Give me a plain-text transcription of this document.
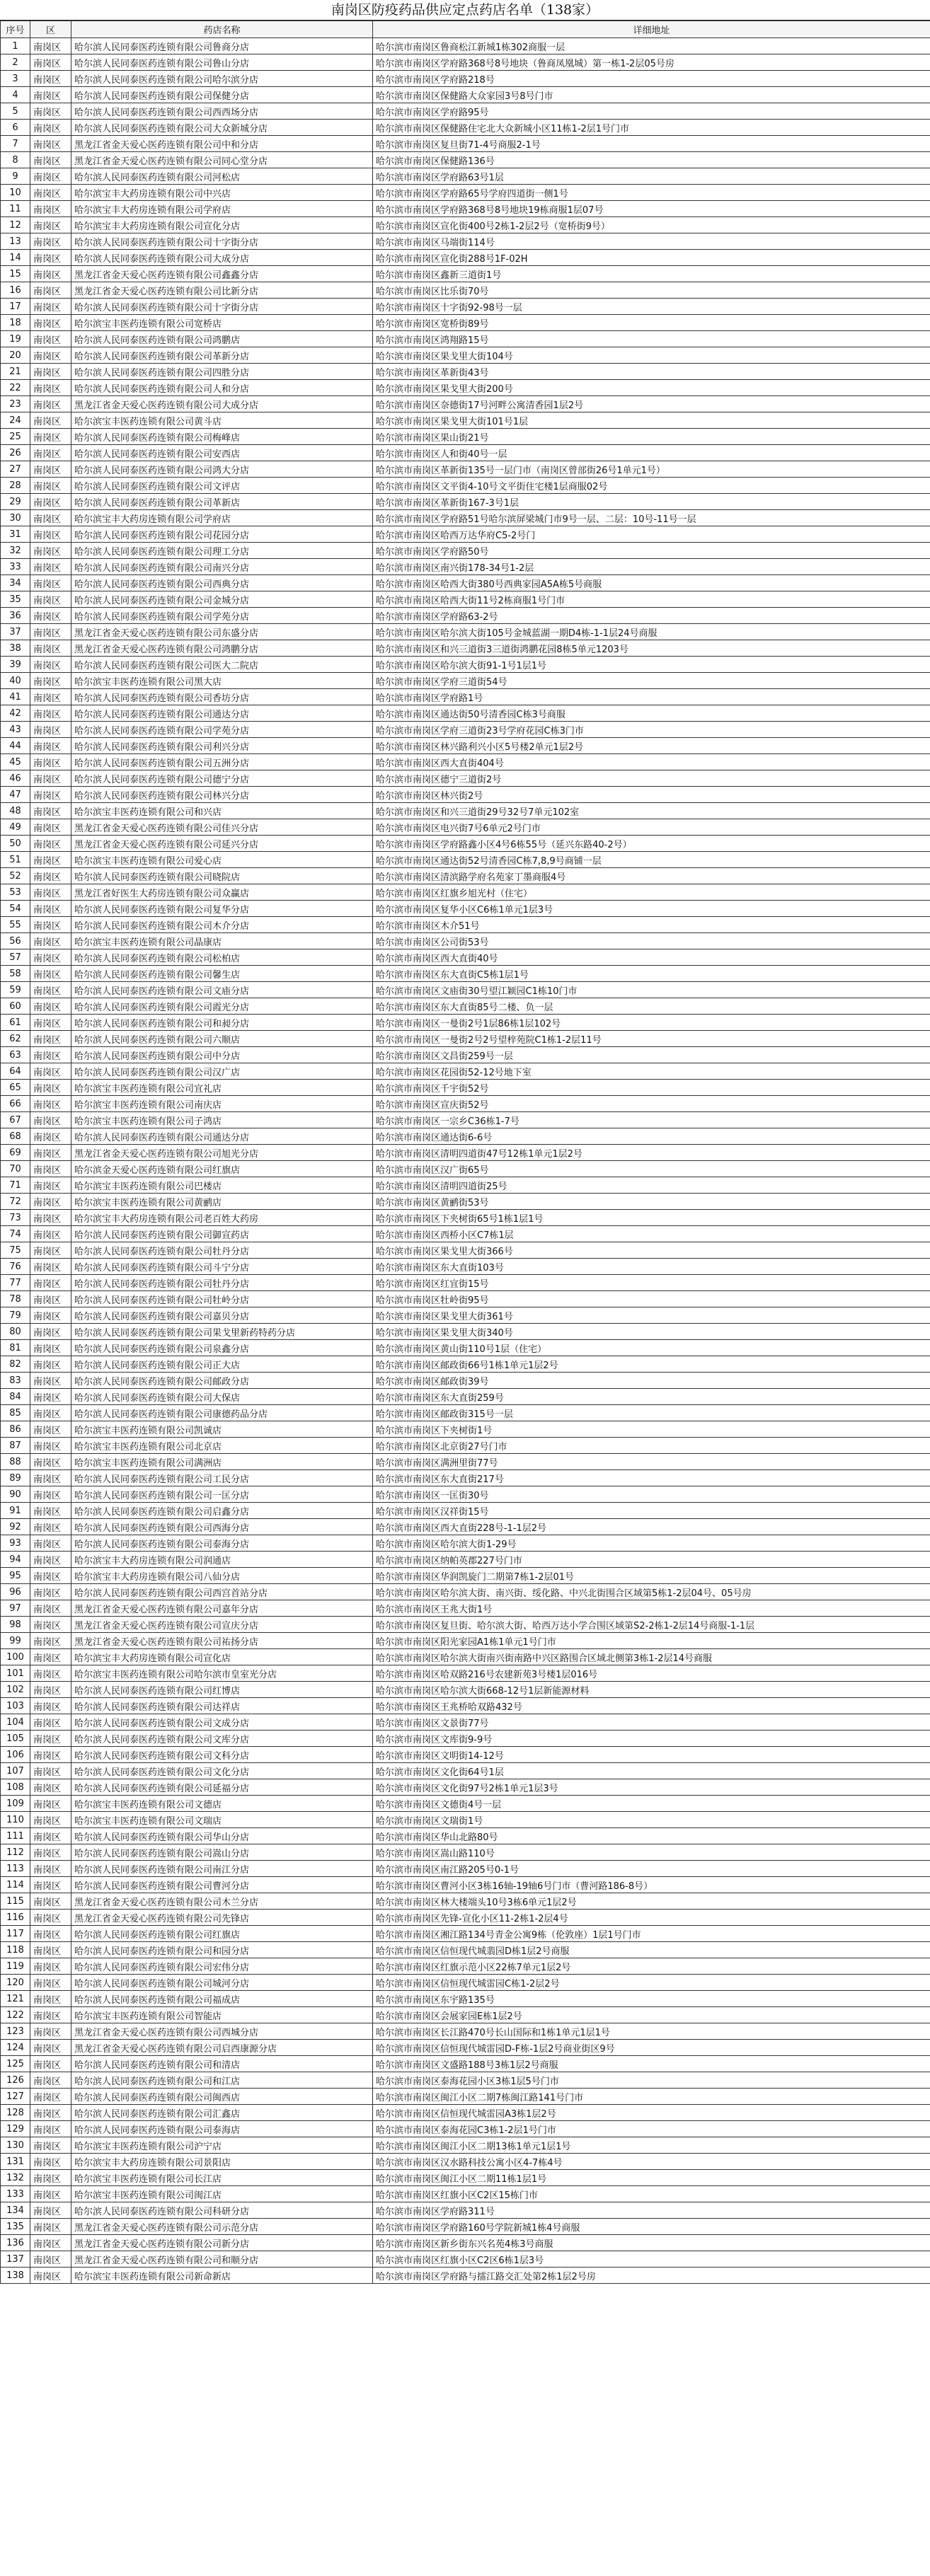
南岗区防疫药品供应定点药店名单（138家）
序号	区	药店名称	详细地址
1	南岗区	哈尔滨人民同泰医药连锁有限公司鲁商分店	哈尔滨市南岗区鲁商松江新城1栋302商服一层
2	南岗区	哈尔滨人民同泰医药连锁有限公司鲁山分店	哈尔滨市南岗区学府路368号8号地块（鲁商凤凰城）第一栋1-2层05号房
3	南岗区	哈尔滨人民同泰医药连锁有限公司哈尔滨分店	哈尔滨市南岗区学府路218号
4	南岗区	哈尔滨人民同泰医药连锁有限公司保健分店	哈尔滨市南岗区保健路大众家园3号8号门市
5	南岗区	哈尔滨人民同泰医药连锁有限公司西西场分店	哈尔滨市南岗区学府路95号
6	南岗区	哈尔滨人民同泰医药连锁有限公司大众新城分店	哈尔滨市南岗区保健路住宅北大众新城小区11栋1-2层1号门市
7	南岗区	黑龙江省金天爱心医药连锁有限公司中和分店	哈尔滨市南岗区复旦街71-4号商服2-1号
8	南岗区	黑龙江省金天爱心医药连锁有限公司同心堂分店	哈尔滨市南岗区保健路136号
9	南岗区	哈尔滨人民同泰医药连锁有限公司河松店	哈尔滨市南岗区学府路63号1层
10	南岗区	哈尔滨宝丰大药房连锁有限公司中兴店	哈尔滨市南岗区学府路65号学府四道街一侧1号
11	南岗区	哈尔滨宝丰大药房连锁有限公司学府店	哈尔滨市南岗区学府路368号8号地块19栋商服1层07号
12	南岗区	哈尔滨宝丰大药房连锁有限公司宣化分店	哈尔滨市南岗区宣化街400号2栋1-2层2号（宽桥街9号）
13	南岗区	哈尔滨人民同泰医药连锁有限公司十字街分店	哈尔滨市南岗区马端街114号
14	南岗区	哈尔滨人民同泰医药连锁有限公司大成分店	哈尔滨市南岗区宣化街288号1F-02H
15	南岗区	黑龙江省金天爱心医药连锁有限公司鑫鑫分店	哈尔滨市南岗区鑫新三道街1号
16	南岗区	黑龙江省金天爱心医药连锁有限公司比新分店	哈尔滨市南岗区比乐街70号
17	南岗区	哈尔滨人民同泰医药连锁有限公司十字街分店	哈尔滨市南岗区十字街92-98号一层
18	南岗区	哈尔滨宝丰医药连锁有限公司宽桥店	哈尔滨市南岗区宽桥街89号
19	南岗区	哈尔滨人民同泰医药连锁有限公司鸿鹏店	哈尔滨市南岗区鸿翔路15号
20	南岗区	哈尔滨人民同泰医药连锁有限公司革新分店	哈尔滨市南岗区果戈里大街104号
21	南岗区	哈尔滨人民同泰医药连锁有限公司四胜分店	哈尔滨市南岗区革新街43号
22	南岗区	哈尔滨人民同泰医药连锁有限公司人和分店	哈尔滨市南岗区果戈里大街200号
23	南岗区	黑龙江省金天爱心医药连锁有限公司大成分店	哈尔滨市南岗区奈德街17号河畔公寓清香园1层2号
24	南岗区	哈尔滨宝丰医药连锁有限公司黄斗店	哈尔滨市南岗区果戈里大街101号1层
25	南岗区	哈尔滨人民同泰医药连锁有限公司梅峰店	哈尔滨市南岗区果山街21号
26	南岗区	哈尔滨人民同泰医药连锁有限公司安西店	哈尔滨市南岗区人和街40号一层
27	南岗区	哈尔滨人民同泰医药连锁有限公司鸿大分店	哈尔滨市南岗区革新街135号一层门市（南岗区曾部街26号1单元1号）
28	南岗区	哈尔滨人民同泰医药连锁有限公司文评店	哈尔滨市南岗区文平街4-10号文平街住宅楼1层商服02号
29	南岗区	哈尔滨人民同泰医药连锁有限公司革新店	哈尔滨市南岗区革新街167-3号1层
30	南岗区	哈尔滨宝丰大药房连锁有限公司学府店	哈尔滨市南岗区学府路51号哈尔滨屏梁城门市9号一层、二层：10号-11号一层
31	南岗区	哈尔滨人民同泰医药连锁有限公司花园分店	哈尔滨市南岗区哈西万达华府C5-2号门
32	南岗区	哈尔滨人民同泰医药连锁有限公司理工分店	哈尔滨市南岗区学府路50号
33	南岗区	哈尔滨人民同泰医药连锁有限公司南兴分店	哈尔滨市南岗区南兴街178-34号1-2层
34	南岗区	哈尔滨人民同泰医药连锁有限公司西典分店	哈尔滨市南岗区哈西大街380号西典家园A5A栋5号商服
35	南岗区	哈尔滨人民同泰医药连锁有限公司金城分店	哈尔滨市南岗区哈西大街11号2栋商服1号门市
36	南岗区	哈尔滨人民同泰医药连锁有限公司学苑分店	哈尔滨市南岗区学府路63-2号
37	南岗区	黑龙江省金天爱心医药连锁有限公司东盛分店	哈尔滨市南岗区哈尔滨大街105号金城蓝湖一期D4栋-1-1层24号商服
38	南岗区	黑龙江省金天爱心医药连锁有限公司鸿鹏分店	哈尔滨市南岗区和兴三道街3三道街鸿鹏花园8栋5单元1203号
39	南岗区	哈尔滨人民同泰医药连锁有限公司医大二院店	哈尔滨市南岗区哈尔滨大街91-1号1层1号
40	南岗区	哈尔滨宝丰医药连锁有限公司黑大店	哈尔滨市南岗区学府三道街54号
41	南岗区	哈尔滨人民同泰医药连锁有限公司香坊分店	哈尔滨市南岗区学府路1号
42	南岗区	哈尔滨人民同泰医药连锁有限公司通达分店	哈尔滨市南岗区通达街50号清香园C栋3号商服
43	南岗区	哈尔滨人民同泰医药连锁有限公司学苑分店	哈尔滨市南岗区学府三道街23号学府花园C栋3门市
44	南岗区	哈尔滨人民同泰医药连锁有限公司利兴分店	哈尔滨市南岗区林兴路利兴小区5号楼2单元1层2号
45	南岗区	哈尔滨人民同泰医药连锁有限公司五洲分店	哈尔滨市南岗区西大直街404号
46	南岗区	哈尔滨人民同泰医药连锁有限公司德宁分店	哈尔滨市南岗区德宁三道街2号
47	南岗区	哈尔滨人民同泰医药连锁有限公司林兴分店	哈尔滨市南岗区林兴街2号
48	南岗区	哈尔滨宝丰医药连锁有限公司和兴店	哈尔滨市南岗区和兴三道街29号32号7单元102室
49	南岗区	黑龙江省金天爱心医药连锁有限公司佳兴分店	哈尔滨市南岗区电兴街7号6单元2号门市
50	南岗区	黑龙江省金天爱心医药连锁有限公司延兴分店	哈尔滨市南岗区学府路鑫小区4号6栋55号（延兴东路40-2号）
51	南岗区	哈尔滨宝丰医药连锁有限公司爱心店	哈尔滨市南岗区通达街52号清香园C栋7,8,9号商铺一层
52	南岗区	哈尔滨人民同泰医药连锁有限公司晓院店	哈尔滨市南岗区清滨路学府名苑家丁墨商服4号
53	南岗区	黑龙江省好医生大药房连锁有限公司众赢店	哈尔滨市南岗区红旗乡旭光村（住宅）
54	南岗区	哈尔滨人民同泰医药连锁有限公司复华分店	哈尔滨市南岗区复华小区C6栋1单元1层3号
55	南岗区	哈尔滨人民同泰医药连锁有限公司木介分店	哈尔滨市南岗区木介51号
56	南岗区	哈尔滨宝丰医药连锁有限公司晶康店	哈尔滨市南岗区公司街53号
57	南岗区	哈尔滨人民同泰医药连锁有限公司松柏店	哈尔滨市南岗区西大直街40号
58	南岗区	哈尔滨人民同泰医药连锁有限公司馨生店	哈尔滨市南岗区东大直街C5栋1层1号
59	南岗区	哈尔滨人民同泰医药连锁有限公司文庙分店	哈尔滨市南岗区文庙街30号望江颖园C1栋10门市
60	南岗区	哈尔滨人民同泰医药连锁有限公司霞光分店	哈尔滨市南岗区东大直街85号二楼、负一层
61	南岗区	哈尔滨人民同泰医药连锁有限公司和昶分店	哈尔滨市南岗区一曼街2号1层86栋1层102号
62	南岗区	哈尔滨人民同泰医药连锁有限公司六顺店	哈尔滨市南岗区一曼街2号2号望梓苑院C1栋1-2层11号
63	南岗区	哈尔滨人民同泰医药连锁有限公司中分店	哈尔滨市南岗区文昌街259号一层
64	南岗区	哈尔滨人民同泰医药连锁有限公司汉广店	哈尔滨市南岗区花园街52-12号地下室
65	南岗区	哈尔滨宝丰医药连锁有限公司宜礼店	哈尔滨市南岗区千宇街52号
66	南岗区	哈尔滨宝丰医药连锁有限公司南庆店	哈尔滨市南岗区宣庆街52号
67	南岗区	哈尔滨宝丰医药连锁有限公司子鸿店	哈尔滨市南岗区一宗乡C36栋1-7号
68	南岗区	哈尔滨人民同泰医药连锁有限公司通达分店	哈尔滨市南岗区通达街6-6号
69	南岗区	黑龙江省金天爱心医药连锁有限公司旭光分店	哈尔滨市南岗区清明四道街47号12栋1单元1层2号
70	南岗区	哈尔滨金天爱心医药连锁有限公司红旗店	哈尔滨市南岗区汉广街65号
71	南岗区	哈尔滨宝丰医药连锁有限公司巴楼店	哈尔滨市南岗区清明四道街25号
72	南岗区	哈尔滨宝丰医药连锁有限公司黄鹂店	哈尔滨市南岗区黄鹂街53号
73	南岗区	哈尔滨宝丰大药房连锁有限公司老百姓大药房	哈尔滨市南岗区下夹树街65号1栋1层1号
74	南岗区	哈尔滨人民同泰医药连锁有限公司御宣药店	哈尔滨市南岗区西桥小区C7栋1层
75	南岗区	哈尔滨人民同泰医药连锁有限公司牡丹分店	哈尔滨市南岗区果戈里大街366号
76	南岗区	哈尔滨人民同泰医药连锁有限公司斗宁分店	哈尔滨市南岗区东大直街103号
77	南岗区	哈尔滨人民同泰医药连锁有限公司牡丹分店	哈尔滨市南岗区红宜街15号
78	南岗区	哈尔滨人民同泰医药连锁有限公司牡岭分店	哈尔滨市南岗区牡岭街95号
79	南岗区	哈尔滨人民同泰医药连锁有限公司嘉贝分店	哈尔滨市南岗区果戈里大街361号
80	南岗区	哈尔滨人民同泰医药连锁有限公司果戈里新药特药分店	哈尔滨市南岗区果戈里大街340号
81	南岗区	哈尔滨人民同泰医药连锁有限公司泉鑫分店	哈尔滨市南岗区黄山街110号1层（住宅）
82	南岗区	哈尔滨人民同泰医药连锁有限公司正大店	哈尔滨市南岗区邮政街66号1栋1单元1层2号
83	南岗区	哈尔滨人民同泰医药连锁有限公司邮政分店	哈尔滨市南岗区邮政街39号
84	南岗区	哈尔滨人民同泰医药连锁有限公司大保店	哈尔滨市南岗区东大直街259号
85	南岗区	哈尔滨人民同泰医药连锁有限公司康德药品分店	哈尔滨市南岗区邮政街315号一层
86	南岗区	哈尔滨宝丰医药连锁有限公司凯诚店	哈尔滨市南岗区下夹树街1号
87	南岗区	哈尔滨宝丰医药连锁有限公司北京店	哈尔滨市南岗区北京街27号门市
88	南岗区	哈尔滨宝丰医药连锁有限公司满洲店	哈尔滨市南岗区满洲里街77号
89	南岗区	哈尔滨人民同泰医药连锁有限公司工民分店	哈尔滨市南岗区东大直街217号
90	南岗区	哈尔滨人民同泰医药连锁有限公司一匡分店	哈尔滨市南岗区一匡街30号
91	南岗区	哈尔滨人民同泰医药连锁有限公司启鑫分店	哈尔滨市南岗区汉祥街15号
92	南岗区	哈尔滨人民同泰医药连锁有限公司西海分店	哈尔滨市南岗区西大直街228号-1-1层2号
93	南岗区	哈尔滨人民同泰医药连锁有限公司泰海分店	哈尔滨市南岗区哈尔滨大街1-29号
94	南岗区	哈尔滨宝丰大药房连锁有限公司润通店	哈尔滨市南岗区纳帕英郡227号门市
95	南岗区	哈尔滨宝丰大药房连锁有限公司八仙分店	哈尔滨市南岗区华润凯旋门二期第7栋1-2层01号
96	南岗区	哈尔滨人民同泰医药连锁有限公司西宫首站分店	哈尔滨市南岗区哈尔滨大街、南兴街、绥化路、中兴北街围合区域第5栋1-2层04号、05号房
97	南岗区	黑龙江省金天爱心医药连锁有限公司嘉年分店	哈尔滨市南岗区王兆大街1号
98	南岗区	黑龙江省金天爱心医药连锁有限公司宣庆分店	哈尔滨市南岗区复旦街、哈尔滨大街、哈西万达小学合围区域第S2-2栋1-2层14号商服-1-1层
99	南岗区	黑龙江省金天爱心医药连锁有限公司祐扬分店	哈尔滨市南岗区阳光家园A1栋1单元1号门市
100	南岗区	哈尔滨宝丰大药房连锁有限公司宣化店	哈尔滨市南岗区哈尔滨大街南兴街南路中兴区路围合区域北侧第3栋1-2层14号商服
101	南岗区	哈尔滨宝丰医药连锁有限公司哈尔滨市皇室光分店	哈尔滨市南岗区哈双路216号农建新苑3号楼1层016号
102	南岗区	哈尔滨人民同泰医药连锁有限公司红博店	哈尔滨市南岗区哈尔滨大街668-12号1层新能源材料
103	南岗区	哈尔滨人民同泰医药连锁有限公司达祥店	哈尔滨市南岗区王兆桥哈双路432号
104	南岗区	哈尔滨人民同泰医药连锁有限公司文成分店	哈尔滨市南岗区文景街77号
105	南岗区	哈尔滨人民同泰医药连锁有限公司文库分店	哈尔滨市南岗区文库街9-9号
106	南岗区	哈尔滨人民同泰医药连锁有限公司文科分店	哈尔滨市南岗区文明街14-12号
107	南岗区	哈尔滨人民同泰医药连锁有限公司文化分店	哈尔滨市南岗区文化街64号1层
108	南岗区	哈尔滨人民同泰医药连锁有限公司延福分店	哈尔滨市南岗区文化街97号2栋1单元1层3号
109	南岗区	哈尔滨宝丰医药连锁有限公司文德店	哈尔滨市南岗区文德街4号一层
110	南岗区	哈尔滨宝丰医药连锁有限公司文瑞店	哈尔滨市南岗区文瑞街1号
111	南岗区	哈尔滨人民同泰医药连锁有限公司华山分店	哈尔滨市南岗区华山北路80号
112	南岗区	哈尔滨人民同泰医药连锁有限公司嵩山分店	哈尔滨市南岗区嵩山路110号
113	南岗区	哈尔滨人民同泰医药连锁有限公司南江分店	哈尔滨市南岗区南江路205号0-1号
114	南岗区	哈尔滨人民同泰医药连锁有限公司曹河分店	哈尔滨市南岗区曹河小区3栋16轴-19轴6号门市（曹河路186-8号）
115	南岗区	黑龙江省金天爱心医药连锁有限公司木兰分店	哈尔滨市南岗区林大楼端头10号3栋6单元1层2号
116	南岗区	黑龙江省金天爱心医药连锁有限公司先锋店	哈尔滨市南岗区先锋-宣化小区11-2栋1-2层4号
117	南岗区	哈尔滨人民同泰医药连锁有限公司红旗店	哈尔滨市南岗区湘江路134号青金公寓9栋（伦敦座）1层1号门市
118	南岗区	哈尔滨人民同泰医药连锁有限公司和园分店	哈尔滨市南岗区信恒现代城翡园D栋1层2号商服
119	南岗区	哈尔滨人民同泰医药连锁有限公司宏伟分店	哈尔滨市南岗区红旗示范小区22栋7单元1层2号
120	南岗区	哈尔滨人民同泰医药连锁有限公司城河分店	哈尔滨市南岗区信恒现代城雷园C栋1-2层2号
121	南岗区	哈尔滨人民同泰医药连锁有限公司福成店	哈尔滨市南岗区东宇路135号
122	南岗区	哈尔滨宝丰医药连锁有限公司智能店	哈尔滨市南岗区会展家园E栋1层2号
123	南岗区	黑龙江省金天爱心医药连锁有限公司西城分店	哈尔滨市南岗区长江路470号长山国际和1栋1单元1层1号
124	南岗区	黑龙江省金天爱心医药连锁有限公司启西康源分店	哈尔滨市南岗区信恒现代城雷园D-F栋-1层2号商业街区9号
125	南岗区	哈尔滨人民同泰医药连锁有限公司和清店	哈尔滨市南岗区文盛路188号3栋1层2号商服
126	南岗区	哈尔滨人民同泰医药连锁有限公司和江店	哈尔滨市南岗区泰海花园小区3栋1层5号门市
127	南岗区	哈尔滨人民同泰医药连锁有限公司闽西店	哈尔滨市南岗区闽江小区二期7栋闽江路141号门市
128	南岗区	哈尔滨人民同泰医药连锁有限公司汇鑫店	哈尔滨市南岗区信恒现代城雷园A3栋1层2号
129	南岗区	哈尔滨人民同泰医药连锁有限公司泰海店	哈尔滨市南岗区泰海花园C3栋1-2层1号门市
130	南岗区	哈尔滨宝丰医药连锁有限公司沪宁店	哈尔滨市南岗区闽江小区二期13栋1单元1层1号
131	南岗区	哈尔滨宝丰大药房连锁有限公司景阳店	哈尔滨市南岗区汉水路科技公寓小区4-7栋4号
132	南岗区	哈尔滨宝丰医药连锁有限公司长江店	哈尔滨市南岗区闽江小区二期11栋1层1号
133	南岗区	哈尔滨宝丰医药连锁有限公司闽江店	哈尔滨市南岗区红旗小区C2区15栋门市
134	南岗区	哈尔滨人民同泰医药连锁有限公司科研分店	哈尔滨市南岗区学府路311号
135	南岗区	黑龙江省金天爱心医药连锁有限公司示范分店	哈尔滨市南岗区学府路160号学院新城1栋4号商服
136	南岗区	黑龙江省金天爱心医药连锁有限公司新分店	哈尔滨市南岗区新乡街东兴名苑4栋3号商服
137	南岗区	黑龙江省金天爱心医药连锁有限公司和顺分店	哈尔滨市南岗区红旗小区C2区6栋1层3号
138	南岗区	哈尔滨宝丰医药连锁有限公司新命新店	哈尔滨市南岗区学府路与擂江路交汇处第2栋1层2号房
